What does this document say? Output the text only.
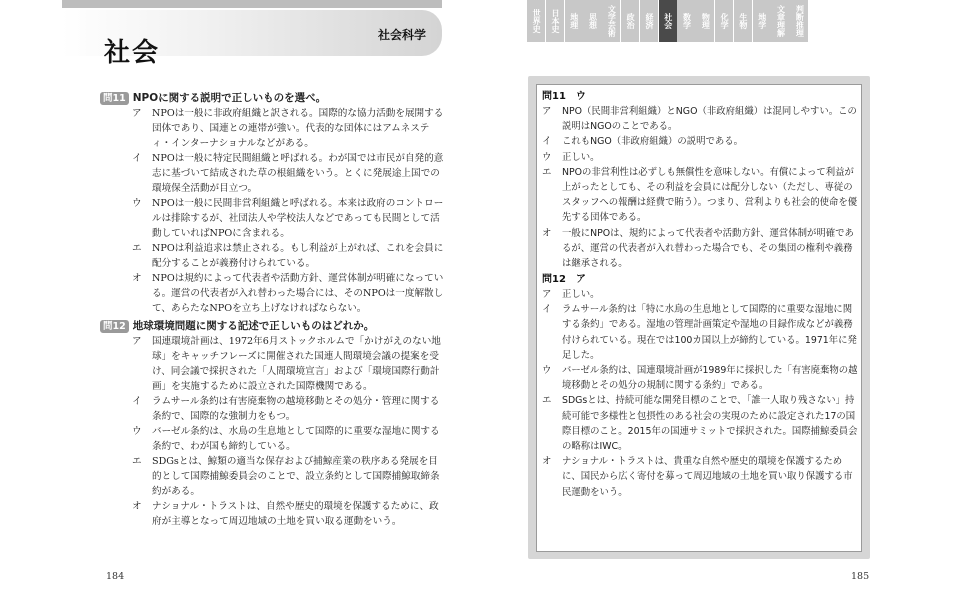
社会
社会科学
問11 NPOに関する説明で正しいものを選べ。
ア	NPOは一般に非政府組織と訳される。国際的な協力活動を展開する団体であり、国連との連帯が強い。代表的な団体にはアムネスティ・インターナショナルなどがある。
イ	NPOは一般に特定民間組織と呼ばれる。わが国では市民が自発的意志に基づいて結成された草の根組織をいう。とくに発展途上国での環境保全活動が目立つ。
ウ	NPOは一般に民間非営利組織と呼ばれる。本来は政府のコントロールは排除するが、社団法人や学校法人などであっても民間として活動していればNPOに含まれる。
エ	NPOは利益追求は禁止される。もし利益が上がれば、これを会員に配分することが義務付けられている。
オ	NPOは規約によって代表者や活動方針、運営体制が明確になっている。運営の代表者が入れ替わった場合には、そのNPOは一度解散して、あらたなNPOを立ち上げなければならない。
問12 地球環境問題に関する記述で正しいものはどれか。
ア	国連環境計画は、1972年6月ストックホルムで「かけがえのない地球」をキャッチフレーズに開催された国連人間環境会議の提案を受け、同会議で採択された「人間環境宣言」および「環境国際行動計画」を実施するために設立された国際機関である。
イ	ラムサール条約は有害廃棄物の越境移動とその処分・管理に関する条約で、国際的な強制力をもつ。
ウ	バーゼル条約は、水鳥の生息地として国際的に重要な湿地に関する条約で、わが国も締約している。
エ	SDGsとは、鯨類の適当な保存および捕鯨産業の秩序ある発展を目的として国際捕鯨委員会のことで、設立条約として国際捕鯨取締条約がある。
オ	ナショナル・トラストは、自然や歴史的環境を保護するために、政府が主導となって周辺地域の土地を買い取る運動をいう。
184
世界史	日本史	地理	思想	文学芸術	政治	経済	社会	数学	物理	化学	生物	地学	文章理解	判断推理
問11　ウ
ア	NPO（民間非営利組織）とNGO（非政府組織）は混同しやすい。この説明はNGOのことである。
イ	これもNGO（非政府組織）の説明である。
ウ	正しい。
エ	NPOの非営利性は必ずしも無償性を意味しない。有償によって利益が上がったとしても、その利益を会員には配分しない（ただし、専従のスタッフへの報酬は経費で賄う）。つまり、営利よりも社会的使命を優先する団体である。
オ	一般にNPOは、規約によって代表者や活動方針、運営体制が明確であるが、運営の代表者が入れ替わった場合でも、その集団の権利や義務は継承される。
問12　ア
ア	正しい。
イ	ラムサール条約は「特に水鳥の生息地として国際的に重要な湿地に関する条約」である。湿地の管理計画策定や湿地の目録作成などが義務付けられている。現在では100カ国以上が締約している。1971年に発足した。
ウ	バーゼル条約は、国連環境計画が1989年に採択した「有害廃棄物の越境移動とその処分の規制に関する条約」である。
エ	SDGsとは、持続可能な開発目標のことで、「誰一人取り残さない」持続可能で多様性と包摂性のある社会の実現のために設定された17の国際目標のこと。2015年の国連サミットで採択された。国際捕鯨委員会の略称はIWC。
オ	ナショナル・トラストは、貴重な自然や歴史的環境を保護するために、国民から広く寄付を募って周辺地域の土地を買い取り保護する市民運動をいう。
185
